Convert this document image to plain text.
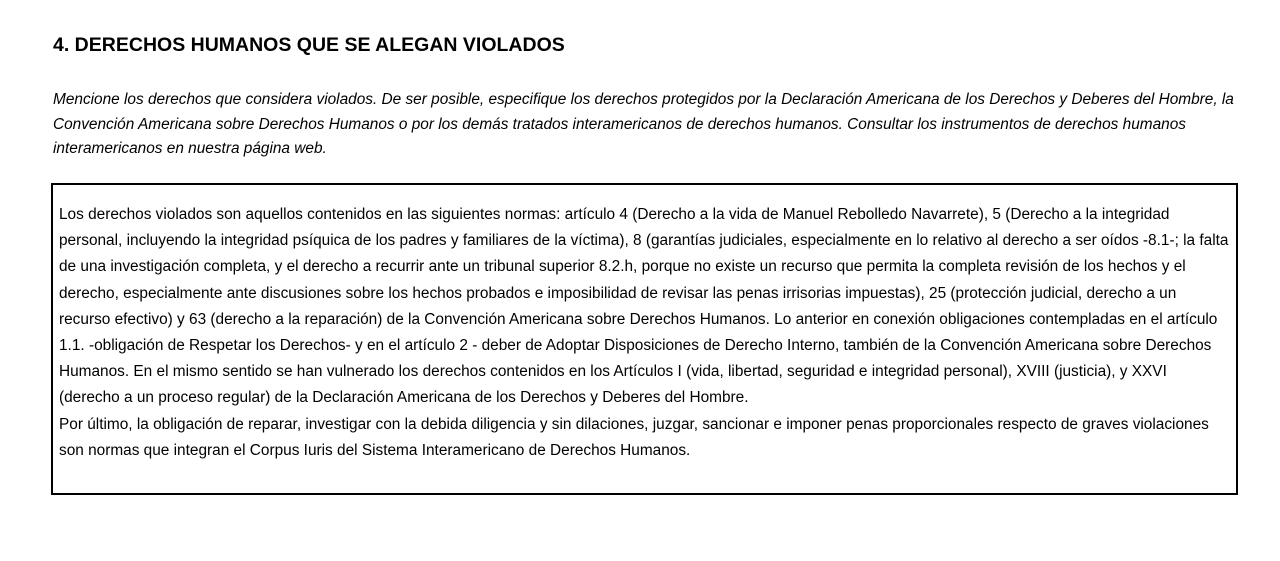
4. DERECHOS HUMANOS QUE SE ALEGAN VIOLADOS

Mencione los derechos que considera violados. De ser posible, especifique los derechos protegidos por la Declaración Americana de los Derechos y Deberes del Hombre, la Convención Americana sobre Derechos Humanos o por los demás tratados interamericanos de derechos humanos. Consultar los instrumentos de derechos humanos interamericanos en nuestra página web.

Los derechos violados son aquellos contenidos en las siguientes normas: artículo 4 (Derecho a la vida de Manuel Rebolledo Navarrete), 5 (Derecho a la integridad personal, incluyendo la integridad psíquica de los padres y familiares de la víctima), 8 (garantías judiciales, especialmente en lo relativo al derecho a ser oídos -8.1-; la falta de una investigación completa, y el derecho a recurrir ante un tribunal superior 8.2.h, porque no existe un recurso que permita la completa revisión de los hechos y el derecho, especialmente ante discusiones sobre los hechos probados e imposibilidad de revisar las penas irrisorias impuestas), 25 (protección judicial, derecho a un recurso efectivo) y 63 (derecho a la reparación) de la Convención Americana sobre Derechos Humanos. Lo anterior en conexión obligaciones contempladas en el artículo 1.1. -obligación de Respetar los Derechos- y en el artículo 2 - deber de Adoptar Disposiciones de Derecho Interno, también de la Convención Americana sobre Derechos Humanos. En el mismo sentido se han vulnerado los derechos contenidos en los Artículos I (vida, libertad, seguridad e integridad personal), XVIII (justicia), y XXVI (derecho a un proceso regular) de la Declaración Americana de los Derechos y Deberes del Hombre.

Por último, la obligación de reparar, investigar con la debida diligencia y sin dilaciones, juzgar, sancionar e imponer penas proporcionales respecto de graves violaciones son normas que integran el Corpus Iuris del Sistema Interamericano de Derechos Humanos.
